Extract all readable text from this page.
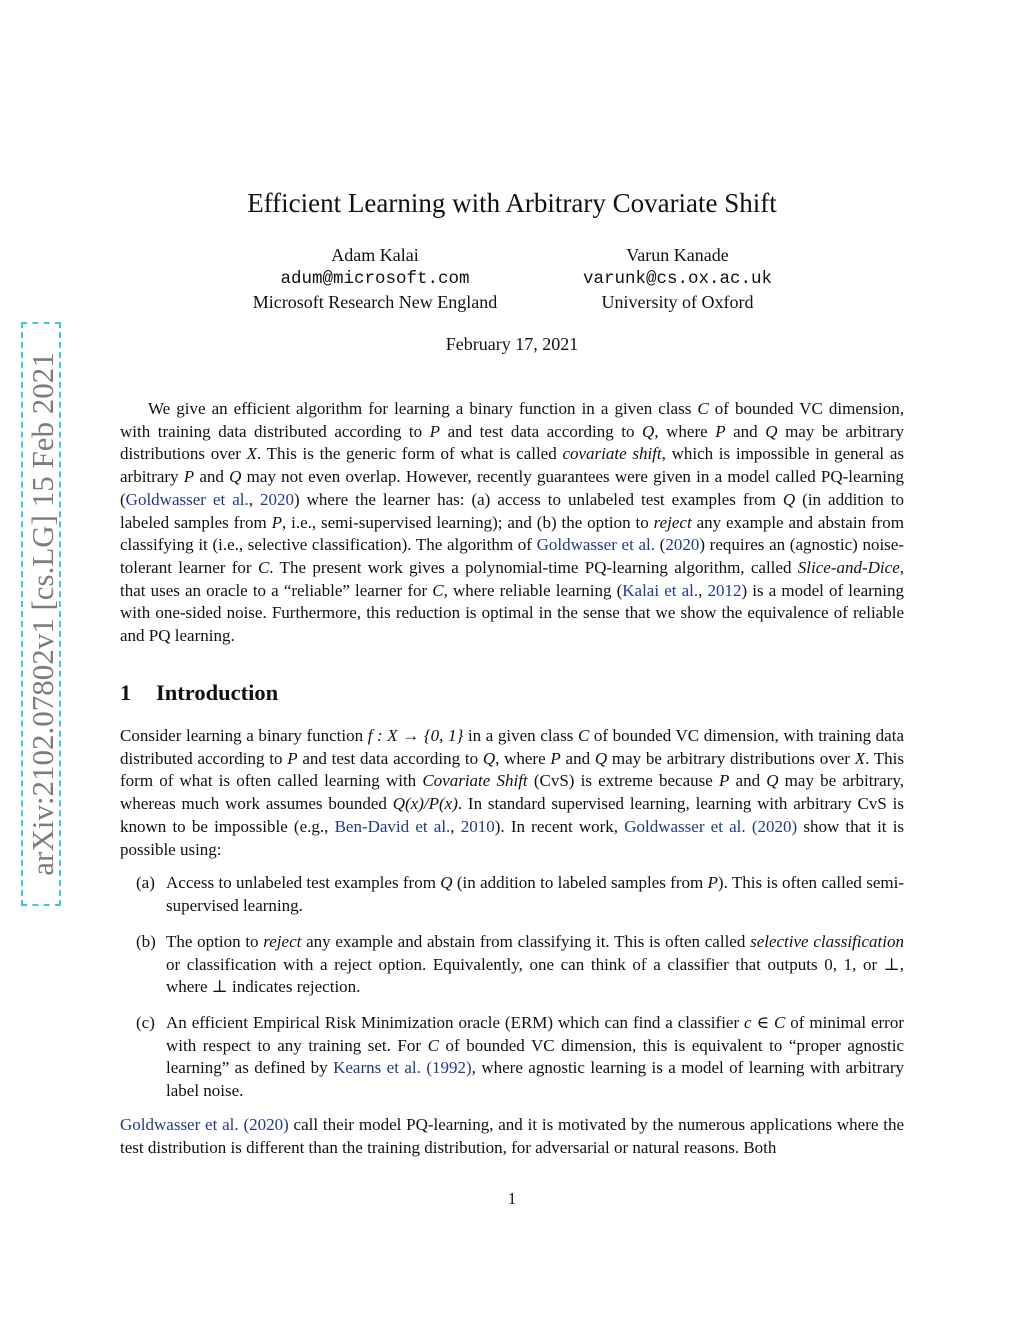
arXiv:2102.07802v1 [cs.LG] 15 Feb 2021
Efficient Learning with Arbitrary Covariate Shift
Adam Kalai
adum@microsoft.com
Microsoft Research New England
Varun Kanade
varunk@cs.ox.ac.uk
University of Oxford
February 17, 2021

We give an efficient algorithm for learning a binary function in a given class C of bounded VC dimension, with training data distributed according to P and test data according to Q, where P and Q may be arbitrary distributions over X. This is the generic form of what is called covariate shift, which is impossible in general as arbitrary P and Q may not even overlap. However, recently guarantees were given in a model called PQ-learning (Goldwasser et al., 2020) where the learner has: (a) access to unlabeled test examples from Q (in addition to labeled samples from P, i.e., semi-supervised learning); and (b) the option to reject any example and abstain from classifying it (i.e., selective classification). The algorithm of Goldwasser et al. (2020) requires an (agnostic) noise-tolerant learner for C. The present work gives a polynomial-time PQ-learning algorithm, called Slice-and-Dice, that uses an oracle to a “reliable” learner for C, where reliable learning (Kalai et al., 2012) is a model of learning with one-sided noise. Furthermore, this reduction is optimal in the sense that we show the equivalence of reliable and PQ learning.

1 Introduction

Consider learning a binary function f : X → {0, 1} in a given class C of bounded VC dimension, with training data distributed according to P and test data according to Q, where P and Q may be arbitrary distributions over X. This form of what is often called learning with Covariate Shift (CvS) is extreme because P and Q may be arbitrary, whereas much work assumes bounded Q(x)/P(x). In standard supervised learning, learning with arbitrary CvS is known to be impossible (e.g., Ben-David et al., 2010). In recent work, Goldwasser et al. (2020) show that it is possible using:

(a) Access to unlabeled test examples from Q (in addition to labeled samples from P). This is often called semi-supervised learning.

(b) The option to reject any example and abstain from classifying it. This is often called selective classification or classification with a reject option. Equivalently, one can think of a classifier that outputs 0, 1, or ⊥, where ⊥ indicates rejection.

(c) An efficient Empirical Risk Minimization oracle (ERM) which can find a classifier c ∈ C of minimal error with respect to any training set. For C of bounded VC dimension, this is equivalent to “proper agnostic learning” as defined by Kearns et al. (1992), where agnostic learning is a model of learning with arbitrary label noise.

Goldwasser et al. (2020) call their model PQ-learning, and it is motivated by the numerous applications where the test distribution is different than the training distribution, for adversarial or natural reasons. Both

1
